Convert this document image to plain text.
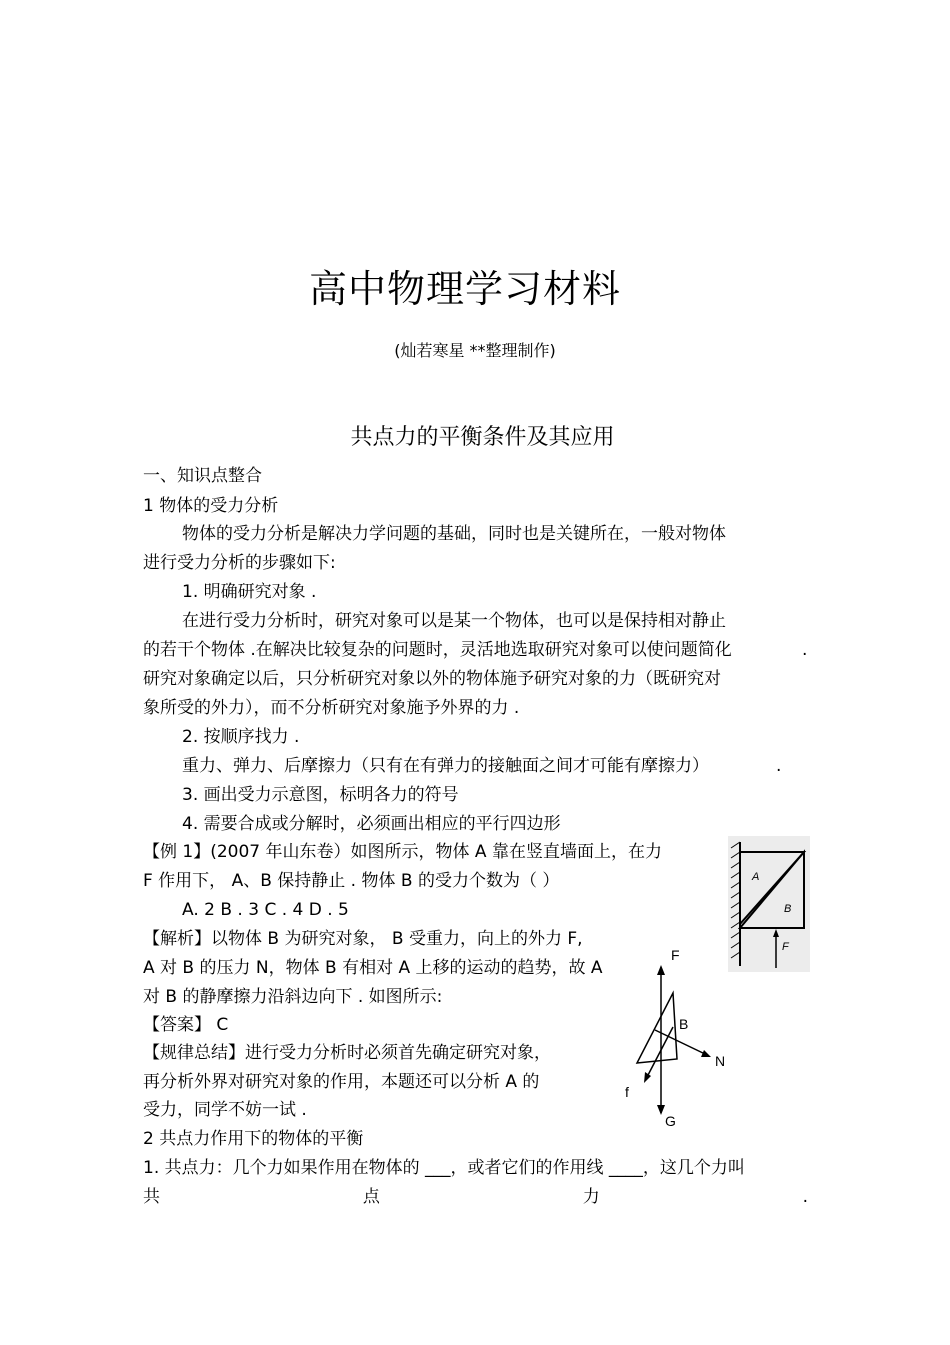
高中物理学习材料
(灿若寒星 **整理制作)
共点力的平衡条件及其应用
一、知识点整合
1 物体的受力分析
物体的受力分析是解决力学问题的基础，同时也是关键所在，一般对物体
进行受力分析的步骤如下:
1. 明确研究对象 .
在进行受力分析时，研究对象可以是某一个物体，也可以是保持相对静止
的若干个物体 .在解决比较复杂的问题时，灵活地选取研究对象可以使问题简化	.
研究对象确定以后，只分析研究对象以外的物体施予研究对象的力（既研究对
象所受的外力），而不分析研究对象施予外界的力 .
2. 按顺序找力 .
重力、弹力、后摩擦力（只有在有弹力的接触面之间才可能有摩擦力）	.
3. 画出受力示意图，标明各力的符号
4. 需要合成或分解时，必须画出相应的平行四边形
【例 1】(2007 年山东卷）如图所示，物体 A 靠在竖直墙面上，在力
F 作用下， A、B 保持静止 . 物体 B 的受力个数为（ ）
A. 2 B . 3 C . 4 D . 5
【解析】以物体 B 为研究对象， B 受重力，向上的外力 F,
A 对 B 的压力 N，物体 B 有相对 A 上移的运动的趋势，故 A
对 B 的静摩擦力沿斜边向下 . 如图所示:
【答案】 C
【规律总结】进行受力分析时必须首先确定研究对象，
再分析外界对研究对象的作用，本题还可以分析 A 的
受力，同学不妨一试 .
2 共点力作用下的物体的平衡
1. 共点力：几个力如果作用在物体的 ___，或者它们的作用线 ____，这几个力叫
共	点	力	.
A
B
F
F
B
N
f
G
